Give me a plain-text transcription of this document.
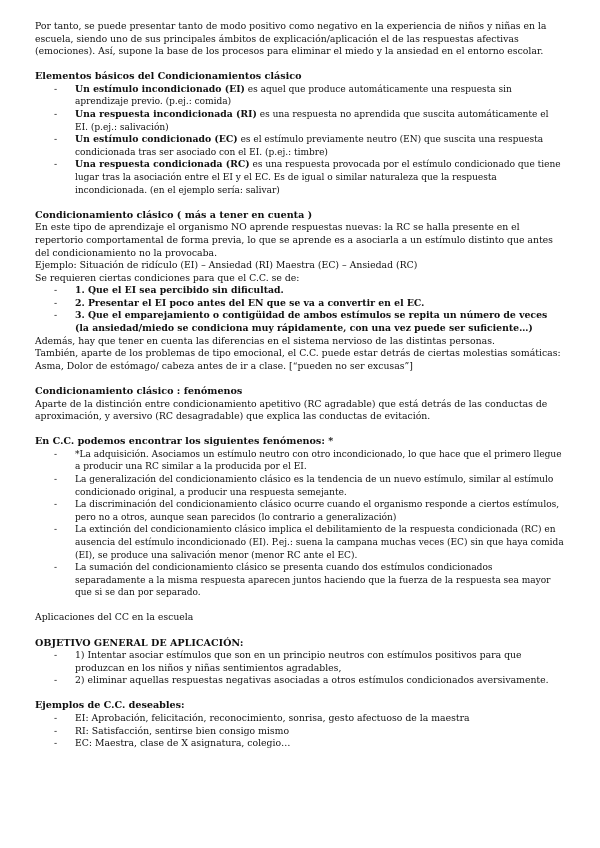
Por tanto, se puede presentar tanto de modo positivo como negativo en la experiencia de niños y niñas en la escuela, siendo uno de sus principales ámbitos de explicación/aplicación el de las respuestas afectivas (emociones). Así, supone la base de los procesos para eliminar el miedo y la ansiedad en el entorno escolar.

Elementos básicos del Condicionamientos clásico

- Un estímulo incondicionado (EI) es aquel que produce automáticamente una respuesta sin aprendizaje previo. (p.ej.: comida)
- Una respuesta incondicionada (RI) es una respuesta no aprendida que suscita automáticamente el EI. (p.ej.: salivación)
- Un estímulo condicionado (EC) es el estímulo previamente neutro (EN) que suscita una respuesta condicionada tras ser asociado con el EI. (p.ej.: timbre)
- Una respuesta condicionada (RC) es una respuesta provocada por el estímulo condicionado que tiene lugar tras la asociación entre el EI y el EC. Es de igual o similar naturaleza que la respuesta incondicionada. (en el ejemplo sería: salivar)

Condicionamiento clásico ( más a tener en cuenta )

En este tipo de aprendizaje el organismo NO aprende respuestas nuevas: la RC se halla presente en el repertorio comportamental de forma previa, lo que se aprende es a asociarla a un estímulo distinto que antes del condicionamiento no la provocaba.

Ejemplo: Situación de ridículo (EI) – Ansiedad (RI) Maestra (EC) – Ansiedad (RC)

Se requieren ciertas condiciones para que el C.C. se de:

- 1. Que el EI sea percibido sin dificultad.
- 2. Presentar el EI poco antes del EN que se va a convertir en el EC.
- 3. Que el emparejamiento o contigüidad de ambos estímulos se repita un número de veces (la ansiedad/miedo se condiciona muy rápidamente, con una vez puede ser suficiente…)

Además, hay que tener en cuenta las diferencias en el sistema nervioso de las distintas personas.

También, aparte de los problemas de tipo emocional, el C.C. puede estar detrás de ciertas molestias somáticas: Asma, Dolor de estómago/ cabeza antes de ir a clase. [“pueden no ser excusas”]

Condicionamiento clásico : fenómenos

Aparte de la distinción entre condicionamiento apetitivo (RC agradable) que está detrás de las conductas de aproximación, y aversivo (RC desagradable) que explica las conductas de evitación.

En C.C. podemos encontrar los siguientes fenómenos: *

- *La adquisición. Asociamos un estímulo neutro con otro incondicionado, lo que hace que el primero llegue a producir una RC similar a la producida por el EI.
- La generalización del condicionamiento clásico es la tendencia de un nuevo estímulo, similar al estímulo condicionado original, a producir una respuesta semejante.
- La discriminación del condicionamiento clásico ocurre cuando el organismo responde a ciertos estímulos, pero no a otros, aunque sean parecidos (lo contrario a generalización)
- La extinción del condicionamiento clásico implica el debilitamiento de la respuesta condicionada (RC) en ausencia del estímulo incondicionado (EI). P.ej.: suena la campana muchas veces (EC) sin que haya comida (EI), se produce una salivación menor (menor RC ante el EC).
- La sumación del condicionamiento clásico se presenta cuando dos estímulos condicionados separadamente a la misma respuesta aparecen juntos haciendo que la fuerza de la respuesta sea mayor que si se dan por separado.

Aplicaciones del CC en la escuela

OBJETIVO GENERAL DE APLICACIÓN:

- 1) Intentar asociar estímulos que son en un principio neutros con estímulos positivos para que produzcan en los niños y niñas sentimientos agradables,
- 2) eliminar aquellas respuestas negativas asociadas a otros estímulos condicionados aversivamente.

Ejemplos de C.C. deseables:

- EI: Aprobación, felicitación, reconocimiento, sonrisa, gesto afectuoso de la maestra
- RI: Satisfacción, sentirse bien consigo mismo
- EC: Maestra, clase de X asignatura, colegio…
